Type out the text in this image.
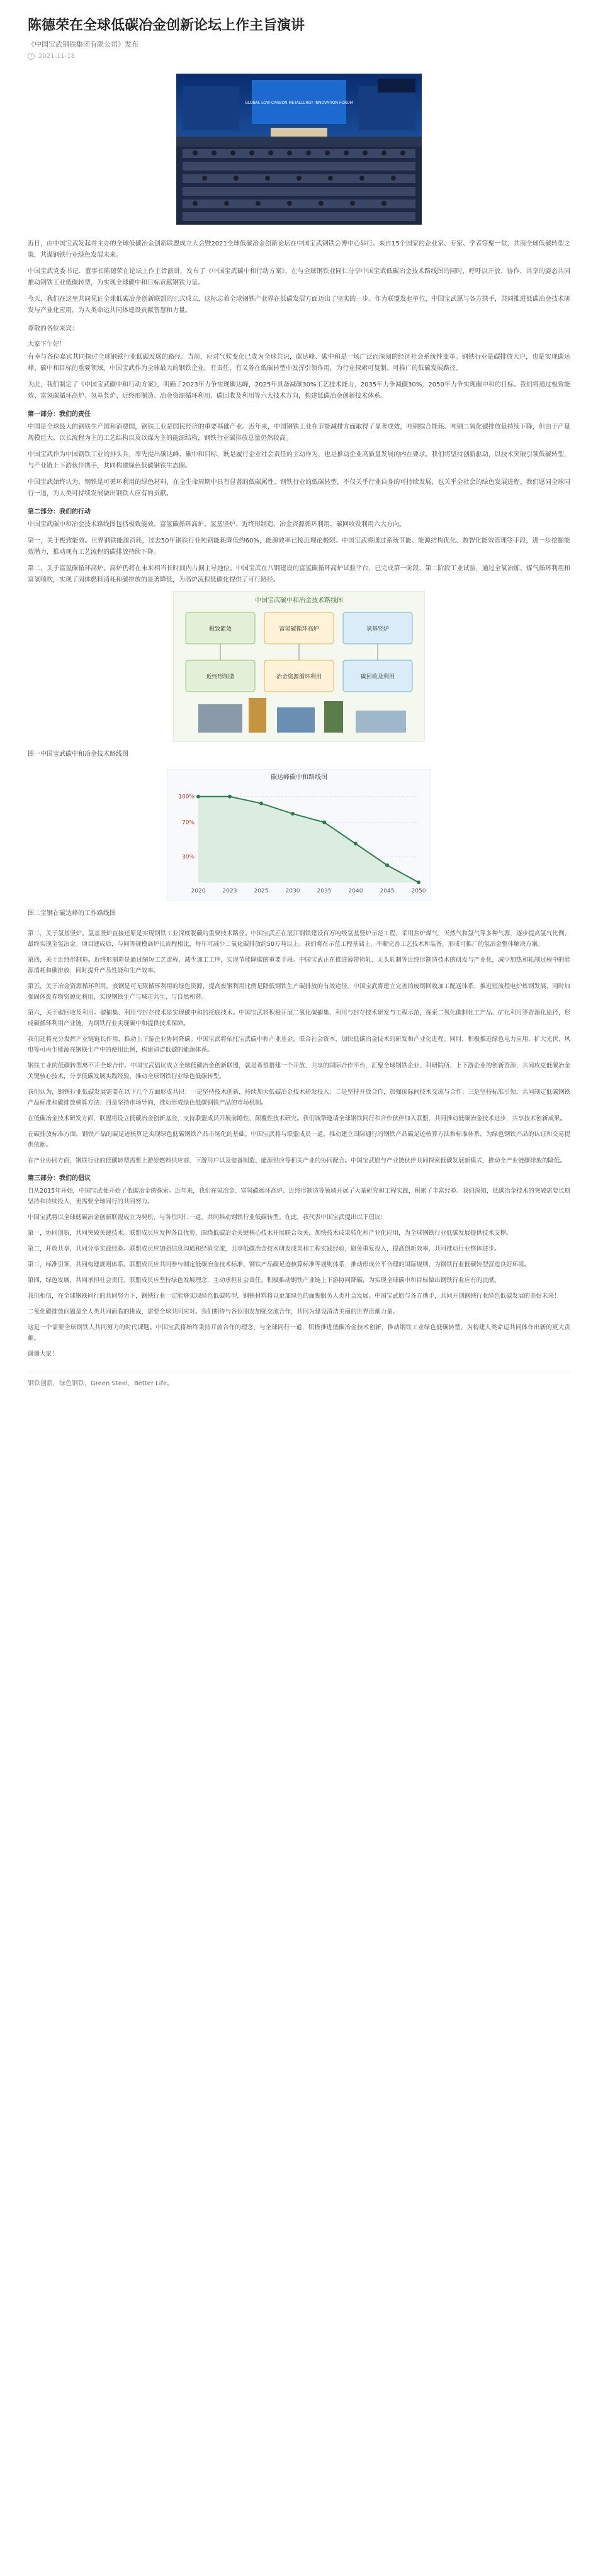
陈德荣在全球低碳冶金创新论坛上作主旨演讲
《中国宝武钢铁集团有限公司》发布
2021-11-18
GLOBAL LOW-CARBON METALLURGY INNOVATION FORUM

近日，由中国宝武发起并主办的全球低碳冶金创新联盟成立大会暨2021全球低碳冶金创新论坛在中国宝武钢铁会博中心举行。来自15个国家的企业家、专家、学者等聚一堂，共商全球低碳转型之策，共谋钢铁行业绿色发展未来。

中国宝武党委书记、董事长陈德荣在论坛上作主旨演讲，发布了《中国宝武碳中和行动方案》，在与全球钢铁业同仁分享中国宝武低碳冶金技术路线图的同时，呼吁以开放、协作、共享的姿态共同推动钢铁工业低碳转型，为实现全球碳中和目标贡献钢铁力量。

今天，我们在这里共同见证全球低碳冶金创新联盟的正式成立，这标志着全球钢铁产业界在低碳发展方面迈出了坚实的一步。作为联盟发起单位，中国宝武愿与各方携手，共同推进低碳冶金技术研发与产业化应用，为人类命运共同体建设贡献智慧和力量。

尊敬的各位来宾：
大家下午好！

有幸与各位嘉宾共同探讨全球钢铁行业低碳发展的路径。当前，应对气候变化已成为全球共识，碳达峰、碳中和是一场广泛而深刻的经济社会系统性变革。钢铁行业是碳排放大户，也是实现碳达峰、碳中和目标的重要领域。中国宝武作为全球最大的钢铁企业，有责任、有义务在低碳转型中发挥引领作用，为行业探索可复制、可推广的低碳发展路径。

为此，我们制定了《中国宝武碳中和行动方案》，明确了2023年力争实现碳达峰，2025年具备减碳30%工艺技术能力，2035年力争减碳30%，2050年力争实现碳中和的目标。我们将通过极致能效、富氢碳循环高炉、氢基竖炉、近终形制造、冶金资源循环利用、碳回收及利用等六大技术方向，构建低碳冶金创新技术体系。

第一部分：我们的责任

中国是全球最大的钢铁生产国和消费国，钢铁工业是国民经济的重要基础产业。近年来，中国钢铁工业在节能减排方面取得了显著成效，吨钢综合能耗、吨钢二氧化碳排放量持续下降，但由于产量规模巨大、以长流程为主的工艺结构以及以煤为主的能源结构，钢铁行业碳排放总量仍然较高。

中国宝武作为中国钢铁工业的排头兵，率先提出碳达峰、碳中和目标，既是履行企业社会责任的主动作为，也是推动企业高质量发展的内在要求。我们将坚持创新驱动，以技术突破引领低碳转型，与产业链上下游伙伴携手，共同构建绿色低碳钢铁生态圈。

中国宝武始终认为，钢铁是可循环利用的绿色材料，在全生命周期中具有显著的低碳属性。钢铁行业的低碳转型，不仅关乎行业自身的可持续发展，也关乎全社会的绿色发展进程。我们愿同全球同行一道，为人类可持续发展做出钢铁人应有的贡献。

第二部分：我们的行动

中国宝武碳中和冶金技术路线图包括极致能效、富氢碳循环高炉、氢基竖炉、近终形制造、冶金资源循环利用、碳回收及利用六大方向。

第一，关于极致能效。世界钢铁能源消耗，过去50年钢铁行业吨钢能耗降低约60%，能源效率已接近理论极限。中国宝武将通过系统节能、能源结构优化、数智化能效管理等手段，进一步挖掘能效潜力，推动现有工艺流程的碳排放持续下降。

第二，关于富氢碳循环高炉。高炉仍将在未来相当长时间内占据主导地位。中国宝武在八钢建设的富氢碳循环高炉试验平台，已完成第一阶段、第二阶段工业试验，通过全氧冶炼、煤气循环利用和富氢喷吹，实现了固体燃料消耗和碳排放的显著降低，为高炉流程低碳化提供了可行路径。

中国宝武碳中和冶金技术路线图
极致能效	富氢碳循环高炉	氢基竖炉
近终形制造	冶金资源循环利用	碳回收及利用
图一中国宝武碳中和冶金技术路线图
碳达峰碳中和路线图
2020	2023	2025	2030	2035	2040	2045	2050
100%
70%
30%
图二宝钢在碳达峰的工作路线图

第三，关于氢基竖炉。氢基竖炉直接还原是实现钢铁工业深度脱碳的重要技术路径。中国宝武正在湛江钢铁建设百万吨级氢基竖炉示范工程，采用焦炉煤气、天然气和氢气等多种气源，逐步提高氢气比例，最终实现全氢冶金。项目建成后，与同等规模高炉长流程相比，每年可减少二氧化碳排放约50万吨以上。我们将在示范工程基础上，不断完善工艺技术和装备，形成可推广的氢冶金整体解决方案。

第四，关于近终形制造。近终形制造是通过缩短工艺流程、减少加工工序，实现节能降碳的重要手段。中国宝武正在推进薄带铸轧、无头轧制等近终形制造技术的研发与产业化，减少加热和轧制过程中的能源消耗和碳排放，同时提升产品性能和生产效率。

第五，关于冶金资源循环利用。废钢是可无限循环利用的绿色资源，提高废钢利用比例是降低钢铁生产碳排放的有效途径。中国宝武将建立完善的废钢回收加工配送体系，推进短流程电炉炼钢发展，同时加强固体废弃物资源化利用，实现钢铁生产与城市共生、与自然和谐。

第六，关于碳回收及利用。碳捕集、利用与封存技术是实现碳中和的托底技术。中国宝武将积极开展二氧化碳捕集、利用与封存技术研发与工程示范，探索二氧化碳制化工产品、矿化利用等资源化途径，形成碳循环利用产业链，为钢铁行业实现碳中和提供技术保障。

我们还将充分发挥产业链链长作用，推动上下游企业协同降碳。中国宝武将依托宝武碳中和产业基金，联合社会资本，加快低碳冶金技术的研发和产业化进程。同时，积极推进绿色电力应用，扩大光伏、风电等可再生能源在钢铁生产中的使用比例，构建清洁低碳的能源体系。

钢铁工业的低碳转型离不开全球合作。中国宝武倡议成立全球低碳冶金创新联盟，就是希望搭建一个开放、共享的国际合作平台，汇聚全球钢铁企业、科研院所、上下游企业的创新资源，共同攻克低碳冶金关键核心技术，分享低碳发展实践经验，推动全球钢铁行业绿色低碳转型。

我们认为，钢铁行业低碳发展需要在以下几个方面形成共识：一是坚持技术创新，持续加大低碳冶金技术研发投入；二是坚持开放合作，加强国际间技术交流与合作；三是坚持标准引领，共同制定低碳钢铁产品标准和碳排放核算方法；四是坚持市场导向，推动形成绿色低碳钢铁产品的市场机制。

在低碳冶金技术研发方面，联盟将设立低碳冶金创新基金，支持联盟成员开展前瞻性、颠覆性技术研究。我们诚挚邀请全球钢铁同行和合作伙伴加入联盟，共同推动低碳冶金技术进步，共享技术创新成果。

在碳排放标准方面，钢铁产品的碳足迹核算是实现绿色低碳钢铁产品市场化的基础。中国宝武将与联盟成员一道，推动建立国际通行的钢铁产品碳足迹核算方法和标准体系，为绿色钢铁产品的认证和交易提供依据。

在产业协同方面，钢铁行业的低碳转型需要上游原燃料供应商、下游用户以及装备制造、能源供应等相关产业的协同配合。中国宝武愿与产业链伙伴共同探索低碳发展新模式，推动全产业链碳排放的降低。

第三部分：我们的倡议

自从2015年开始，中国宝武便开始了低碳冶金的探索。近年来，我们在氢冶金、富氢碳循环高炉、近终形制造等领域开展了大量研究和工程实践，积累了丰富经验。我们深知，低碳冶金技术的突破需要长期坚持和持续投入，更需要全球同行的共同努力。

中国宝武将以全球低碳冶金创新联盟成立为契机，与各位同仁一道，共同推动钢铁行业低碳转型。在此，我代表中国宝武提出以下倡议：

第一，协同创新，共同突破关键技术。联盟成员应发挥各自优势，围绕低碳冶金关键核心技术开展联合攻关，加快技术成果转化和产业化应用，为全球钢铁行业低碳发展提供技术支撑。

第二，开放共享，共同分享实践经验。联盟成员应加强信息沟通和经验交流，共享低碳冶金技术研发成果和工程实践经验，避免重复投入，提高创新效率，共同推动行业整体进步。

第三，标准引领，共同构建规则体系。联盟成员应共同参与制定低碳冶金技术标准、钢铁产品碳足迹核算标准等规则体系，推动形成公平合理的国际规则，为钢铁行业低碳转型营造良好环境。

第四，绿色发展，共同承担社会责任。联盟成员应坚持绿色发展理念，主动承担社会责任，积极推动钢铁产业链上下游协同降碳，为实现全球碳中和目标做出钢铁行业应有的贡献。

我们相信，在全球钢铁同行的共同努力下，钢铁行业一定能够实现绿色低碳转型，钢铁材料将以更加绿色的面貌服务人类社会发展。中国宝武愿与各方携手，共同开创钢铁行业绿色低碳发展的美好未来！

二氧化碳排放问题是全人类共同面临的挑战，需要全球共同应对。我们期待与各位朋友加强交流合作，共同为建设清洁美丽的世界贡献力量。

这是一个需要全球钢铁人共同努力的时代课题。中国宝武将始终秉持开放合作的理念，与全球同行一道，积极推进低碳冶金技术创新，推动钢铁工业绿色低碳转型，为构建人类命运共同体作出新的更大贡献。

谢谢大家！

钢铁创新，绿色钢铁，Green Steel，Better Life。
